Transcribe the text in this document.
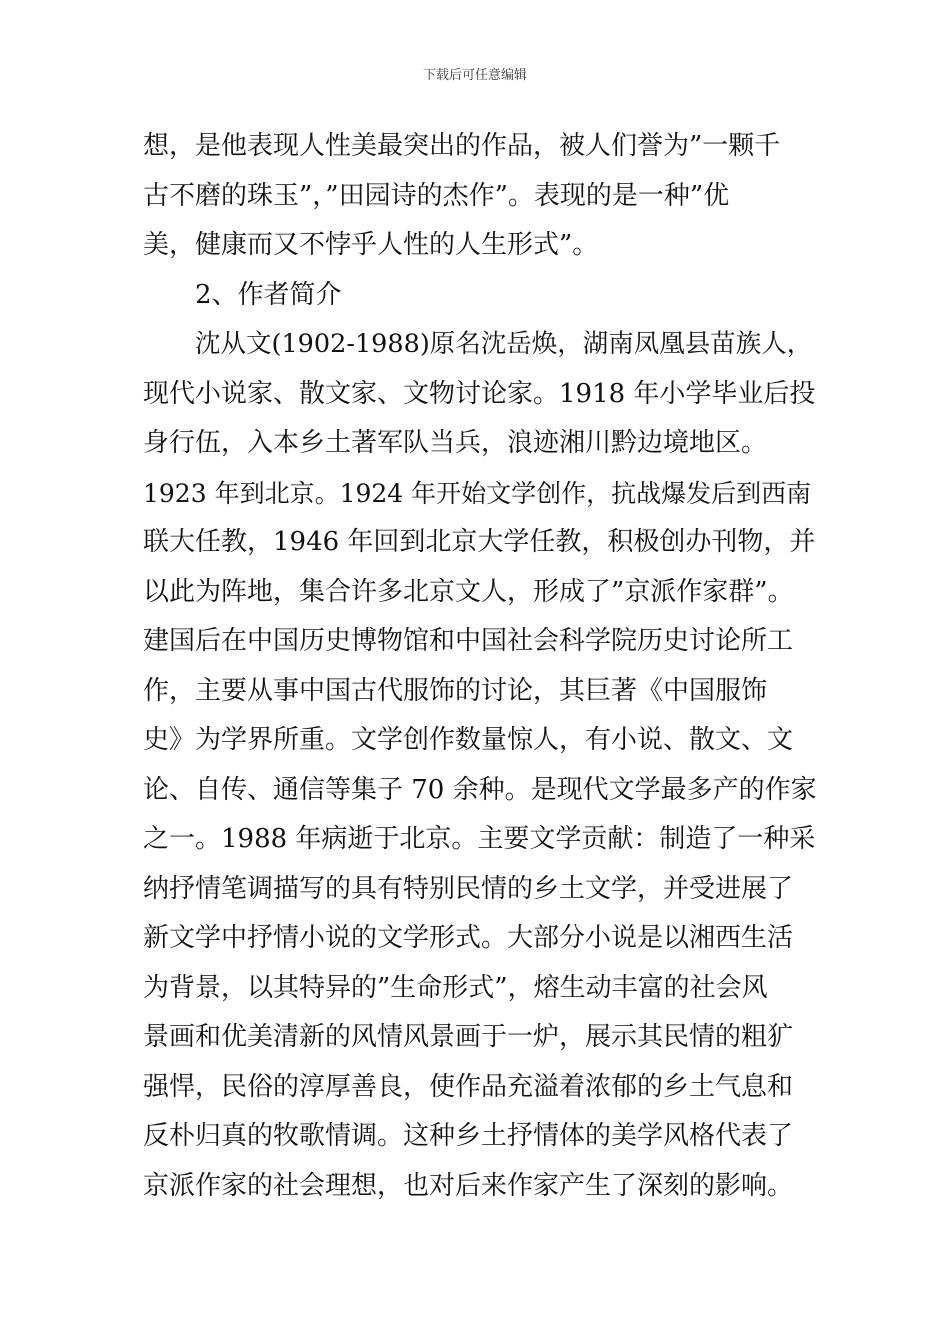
下载后可任意编辑
想，是他表现人性美最突出的作品，被人们誉为”一颗千
古不磨的珠玉”，”田园诗的杰作”。表现的是一种”优
美，健康而又不悖乎人性的人生形式”。
2、作者简介
沈从文(1902-1988)原名沈岳焕，湖南凤凰县苗族人，
现代小说家、散文家、文物讨论家。1918 年小学毕业后投
身行伍，入本乡土著军队当兵，浪迹湘川黔边境地区。
1923 年到北京。1924 年开始文学创作，抗战爆发后到西南
联大任教，1946 年回到北京大学任教，积极创办刊物，并
以此为阵地，集合许多北京文人，形成了”京派作家群”。
建国后在中国历史博物馆和中国社会科学院历史讨论所工
作，主要从事中国古代服饰的讨论，其巨著《中国服饰
史》为学界所重。文学创作数量惊人，有小说、散文、文
论、自传、通信等集子 70 余种。是现代文学最多产的作家
之一。1988 年病逝于北京。主要文学贡献：制造了一种采
纳抒情笔调描写的具有特别民情的乡土文学，并受进展了
新文学中抒情小说的文学形式。大部分小说是以湘西生活
为背景，以其特异的”生命形式”，熔生动丰富的社会风
景画和优美清新的风情风景画于一炉，展示其民情的粗犷
强悍，民俗的淳厚善良，使作品充溢着浓郁的乡土气息和
反朴归真的牧歌情调。这种乡土抒情体的美学风格代表了
京派作家的社会理想，也对后来作家产生了深刻的影响。
